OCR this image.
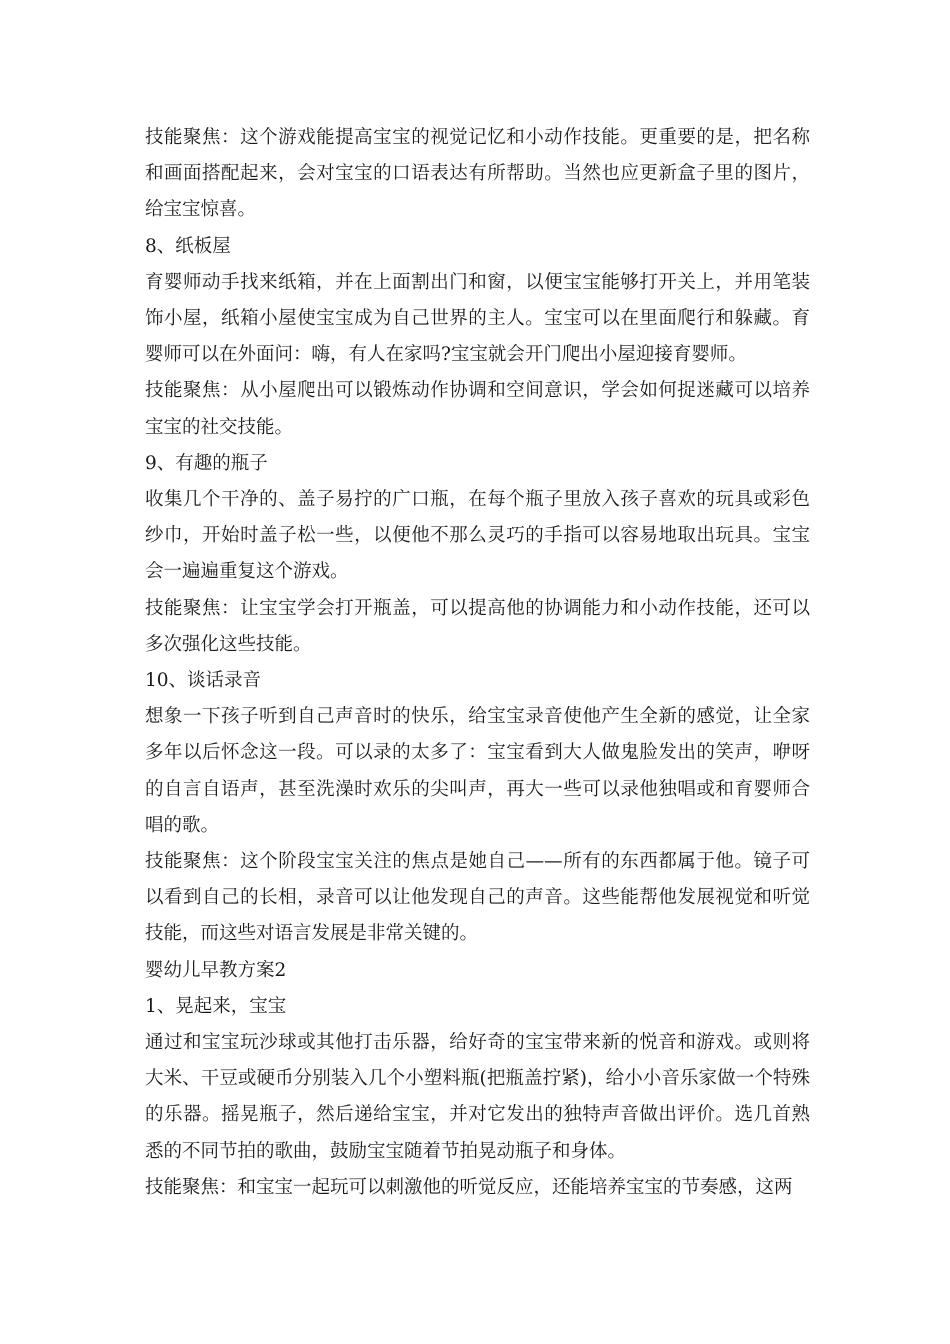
技能聚焦：这个游戏能提高宝宝的视觉记忆和小动作技能。更重要的是，把名称和画面搭配起来，会对宝宝的口语表达有所帮助。当然也应更新盒子里的图片，给宝宝惊喜。

8、纸板屋

育婴师动手找来纸箱，并在上面割出门和窗，以便宝宝能够打开关上，并用笔装饰小屋，纸箱小屋使宝宝成为自己世界的主人。宝宝可以在里面爬行和躲藏。育婴师可以在外面问：嗨，有人在家吗?宝宝就会开门爬出小屋迎接育婴师。

技能聚焦：从小屋爬出可以锻炼动作协调和空间意识，学会如何捉迷藏可以培养宝宝的社交技能。

9、有趣的瓶子

收集几个干净的、盖子易拧的广口瓶，在每个瓶子里放入孩子喜欢的玩具或彩色纱巾，开始时盖子松一些，以便他不那么灵巧的手指可以容易地取出玩具。宝宝会一遍遍重复这个游戏。

技能聚焦：让宝宝学会打开瓶盖，可以提高他的协调能力和小动作技能，还可以多次强化这些技能。

10、谈话录音

想象一下孩子听到自己声音时的快乐，给宝宝录音使他产生全新的感觉，让全家多年以后怀念这一段。可以录的太多了：宝宝看到大人做鬼脸发出的笑声，咿呀的自言自语声，甚至洗澡时欢乐的尖叫声，再大一些可以录他独唱或和育婴师合唱的歌。

技能聚焦：这个阶段宝宝关注的焦点是她自己——所有的东西都属于他。镜子可以看到自己的长相，录音可以让他发现自己的声音。这些能帮他发展视觉和听觉技能，而这些对语言发展是非常关键的。

婴幼儿早教方案2

1、晃起来，宝宝

通过和宝宝玩沙球或其他打击乐器，给好奇的宝宝带来新的悦音和游戏。或则将大米、干豆或硬币分别装入几个小塑料瓶(把瓶盖拧紧)，给小小音乐家做一个特殊的乐器。摇晃瓶子，然后递给宝宝，并对它发出的独特声音做出评价。选几首熟悉的不同节拍的歌曲，鼓励宝宝随着节拍晃动瓶子和身体。

技能聚焦：和宝宝一起玩可以刺激他的听觉反应，还能培养宝宝的节奏感，这两
